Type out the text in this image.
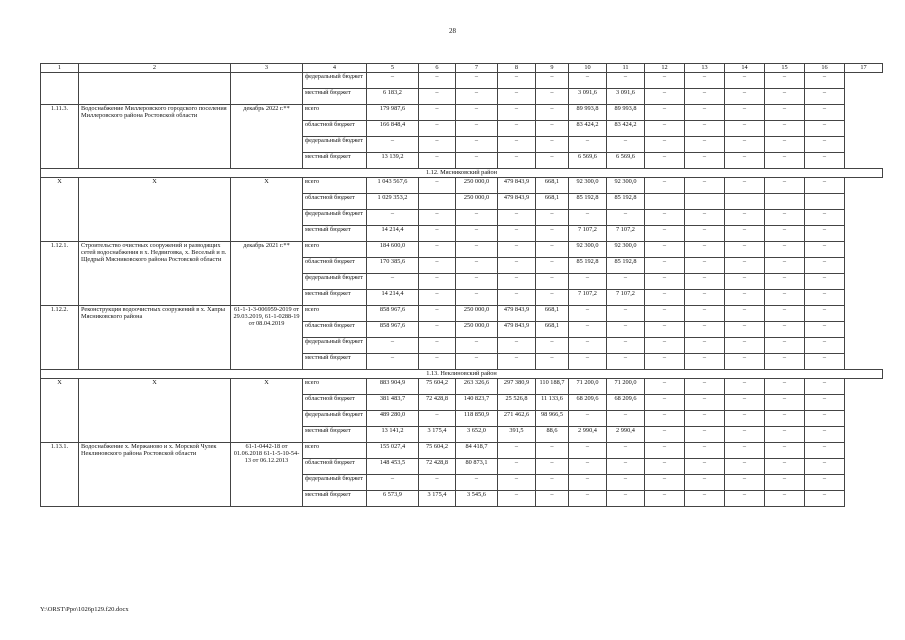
28
1	2	3	4	5	6	7	8	9	10	11	12	13	14	15	16	17
			федеральный бюджет	–	–	–	–	–	–	–	–	–	–	–	–	
			местный бюджет	6 183,2	–	–	–	–	3 091,6	3 091,6	–	–	–	–	–	
1.11.3.	Водоснабжение Миллеровского городского поселения Миллеровского района Ростовской области	декабрь 2022 г.**	всего	179 987,6	–	–	–	–	89 993,8	89 993,8	–	–	–	–	–	
			областной бюджет	166 848,4	–	–	–	–	83 424,2	83 424,2	–	–	–	–	–	
			федеральный бюджет	–	–	–	–	–	–	–	–	–	–	–	–	
			местный бюджет	13 139,2	–	–	–	–	6 569,6	6 569,6	–	–	–	–	–	
1.12. Мясниковский район																
Х	Х	Х	всего	1 043 567,6	–	250 000,0	479 843,9	668,1	92 300,0	92 300,0	–	–	–	–	–	
			областной бюджет	1 029 353,2		250 000,0	479 843,9	668,1	85 192,8	85 192,8						
			федеральный бюджет	–	–	–	–	–	–	–	–	–	–	–	–	
			местный бюджет	14 214,4	–	–	–	–	7 107,2	7 107,2	–	–	–	–	–	
1.12.1.	Строительство очистных сооружений и разводящих сетей водоснабжения в х. Недвиговка, х. Веселый и п. Щедрый Мясниковского района Ростовской области	декабрь 2021 г.**	всего	184 600,0	–	–	–	–	92 300,0	92 300,0	–	–	–	–	–	
			областной бюджет	170 385,6	–	–	–	–	85 192,8	85 192,8	–	–	–	–	–	
			федеральный бюджет	–	–	–	–	–	–	–	–	–	–	–	–	
			местный бюджет	14 214,4	–	–	–	–	7 107,2	7 107,2	–	–	–	–	–	
1.12.2.	Реконструкция водоочистных сооружений в х. Хапры Мясниковского района	61-1-1-3-006959-2019 от 29.03.2019, 61-1-0288-19 от 08.04.2019	всего	858 967,6	–	250 000,0	479 843,9	668,1	–	–	–	–	–	–	–	
			областной бюджет	858 967,6	–	250 000,0	479 843,9	668,1	–	–	–	–	–	–	–	
			федеральный бюджет	–	–	–	–	–	–	–	–	–	–	–	–	
			местный бюджет	–	–	–	–	–	–	–	–	–	–	–	–	
1.13. Неклиновский район																
Х	Х	Х	всего	883 904,9	75 604,2	263 326,6	297 380,9	110 188,7	71 200,0	71 200,0	–	–	–	–	–	
			областной бюджет	381 483,7	72 428,8	140 823,7	25 526,8	11 133,6	68 209,6	68 209,6	–	–	–	–	–	
			федеральный бюджет	489 280,0	–	118 850,9	271 462,6	98 966,5	–	–	–	–	–	–	–	
			местный бюджет	13 141,2	3 175,4	3 652,0	391,5	88,6	2 990,4	2 990,4	–	–	–	–	–	
1.13.1.	Водоснабжение х. Мержаново и х. Морской Чулек Неклиновского района Ростовской области	61-1-0442-18 от 01.06.2018 61-1-5-10-54-13 от 06.12.2013	всего	155 027,4	75 604,2	84 418,7	–	–	–	–	–	–	–	–	–	
			областной бюджет	148 453,5	72 428,8	80 873,1	–	–	–	–	–	–	–	–	–	
			федеральный бюджет	–	–	–	–	–	–	–	–	–	–	–	–	
			местный бюджет	6 573,9	3 175,4	3 545,6	–	–	–	–	–	–	–	–	–	
Y:\ORST\Ppo\1026p129.f20.docx
